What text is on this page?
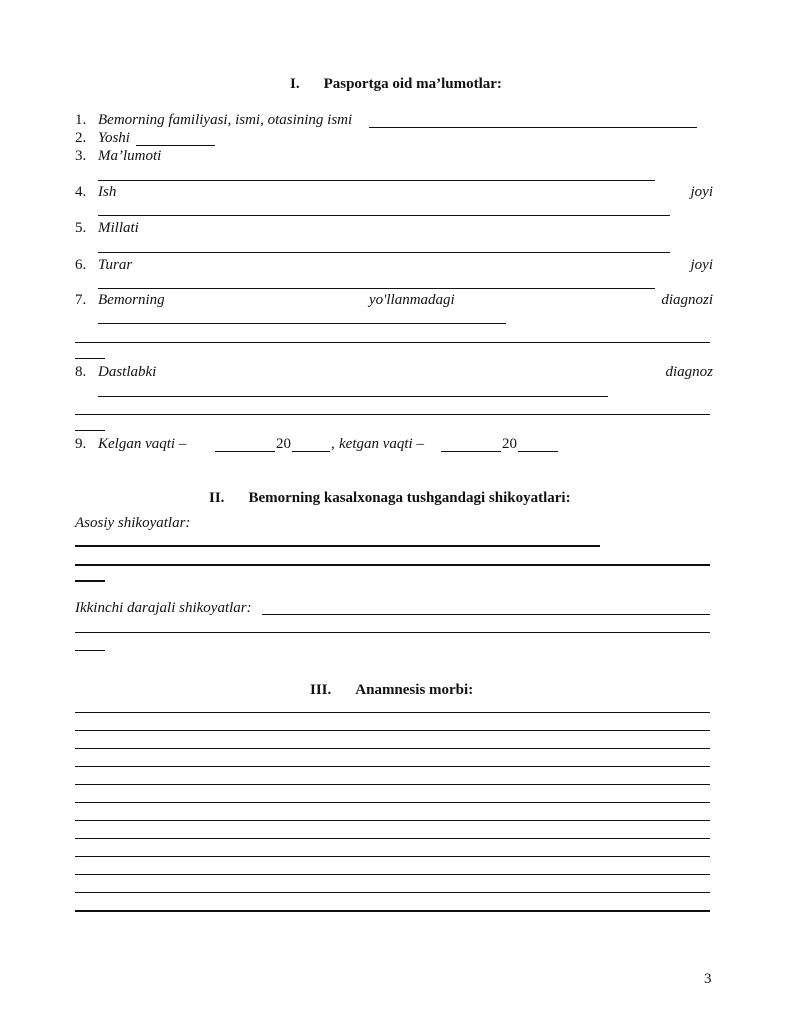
I. Pasportga oid ma’lumotlar:
1. Bemorning familiyasi, ismi, otasining ismi
2. Yoshi
3. Ma’lumoti
4. Ish	joyi
5. Millati
6. Turar	joyi
7. Bemorning	yo'llanmadagi	diagnozi
8. Dastlabki	diagnoz
9. Kelgan vaqti –	20	, ketgan vaqti –	20
II. Bemorning kasalxonaga tushgandagi shikoyatlari:
Asosiy shikoyatlar:
Ikkinchi darajali shikoyatlar:
III. Anamnesis morbi:
3
